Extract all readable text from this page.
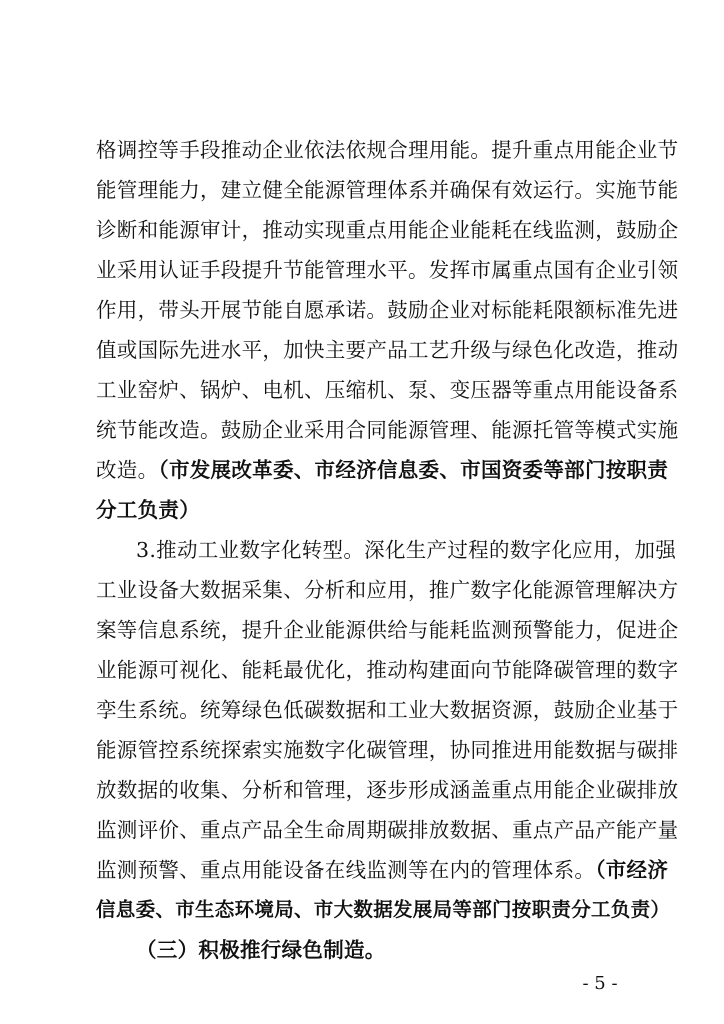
格调控等手段推动企业依法依规合理用能。提升重点用能企业节
能管理能力，建立健全能源管理体系并确保有效运行。实施节能
诊断和能源审计，推动实现重点用能企业能耗在线监测，鼓励企
业采用认证手段提升节能管理水平。发挥市属重点国有企业引领
作用，带头开展节能自愿承诺。鼓励企业对标能耗限额标准先进
值或国际先进水平，加快主要产品工艺升级与绿色化改造，推动
工业窑炉、锅炉、电机、压缩机、泵、变压器等重点用能设备系
统节能改造。鼓励企业采用合同能源管理、能源托管等模式实施
改造。（市发展改革委、市经济信息委、市国资委等部门按职责
分工负责）
3.推动工业数字化转型。深化生产过程的数字化应用，加强
工业设备大数据采集、分析和应用，推广数字化能源管理解决方
案等信息系统，提升企业能源供给与能耗监测预警能力，促进企
业能源可视化、能耗最优化，推动构建面向节能降碳管理的数字
孪生系统。统筹绿色低碳数据和工业大数据资源，鼓励企业基于
能源管控系统探索实施数字化碳管理，协同推进用能数据与碳排
放数据的收集、分析和管理，逐步形成涵盖重点用能企业碳排放
监测评价、重点产品全生命周期碳排放数据、重点产品产能产量
监测预警、重点用能设备在线监测等在内的管理体系。（市经济
信息委、市生态环境局、市大数据发展局等部门按职责分工负责）
（三）积极推行绿色制造。
- 5 -
